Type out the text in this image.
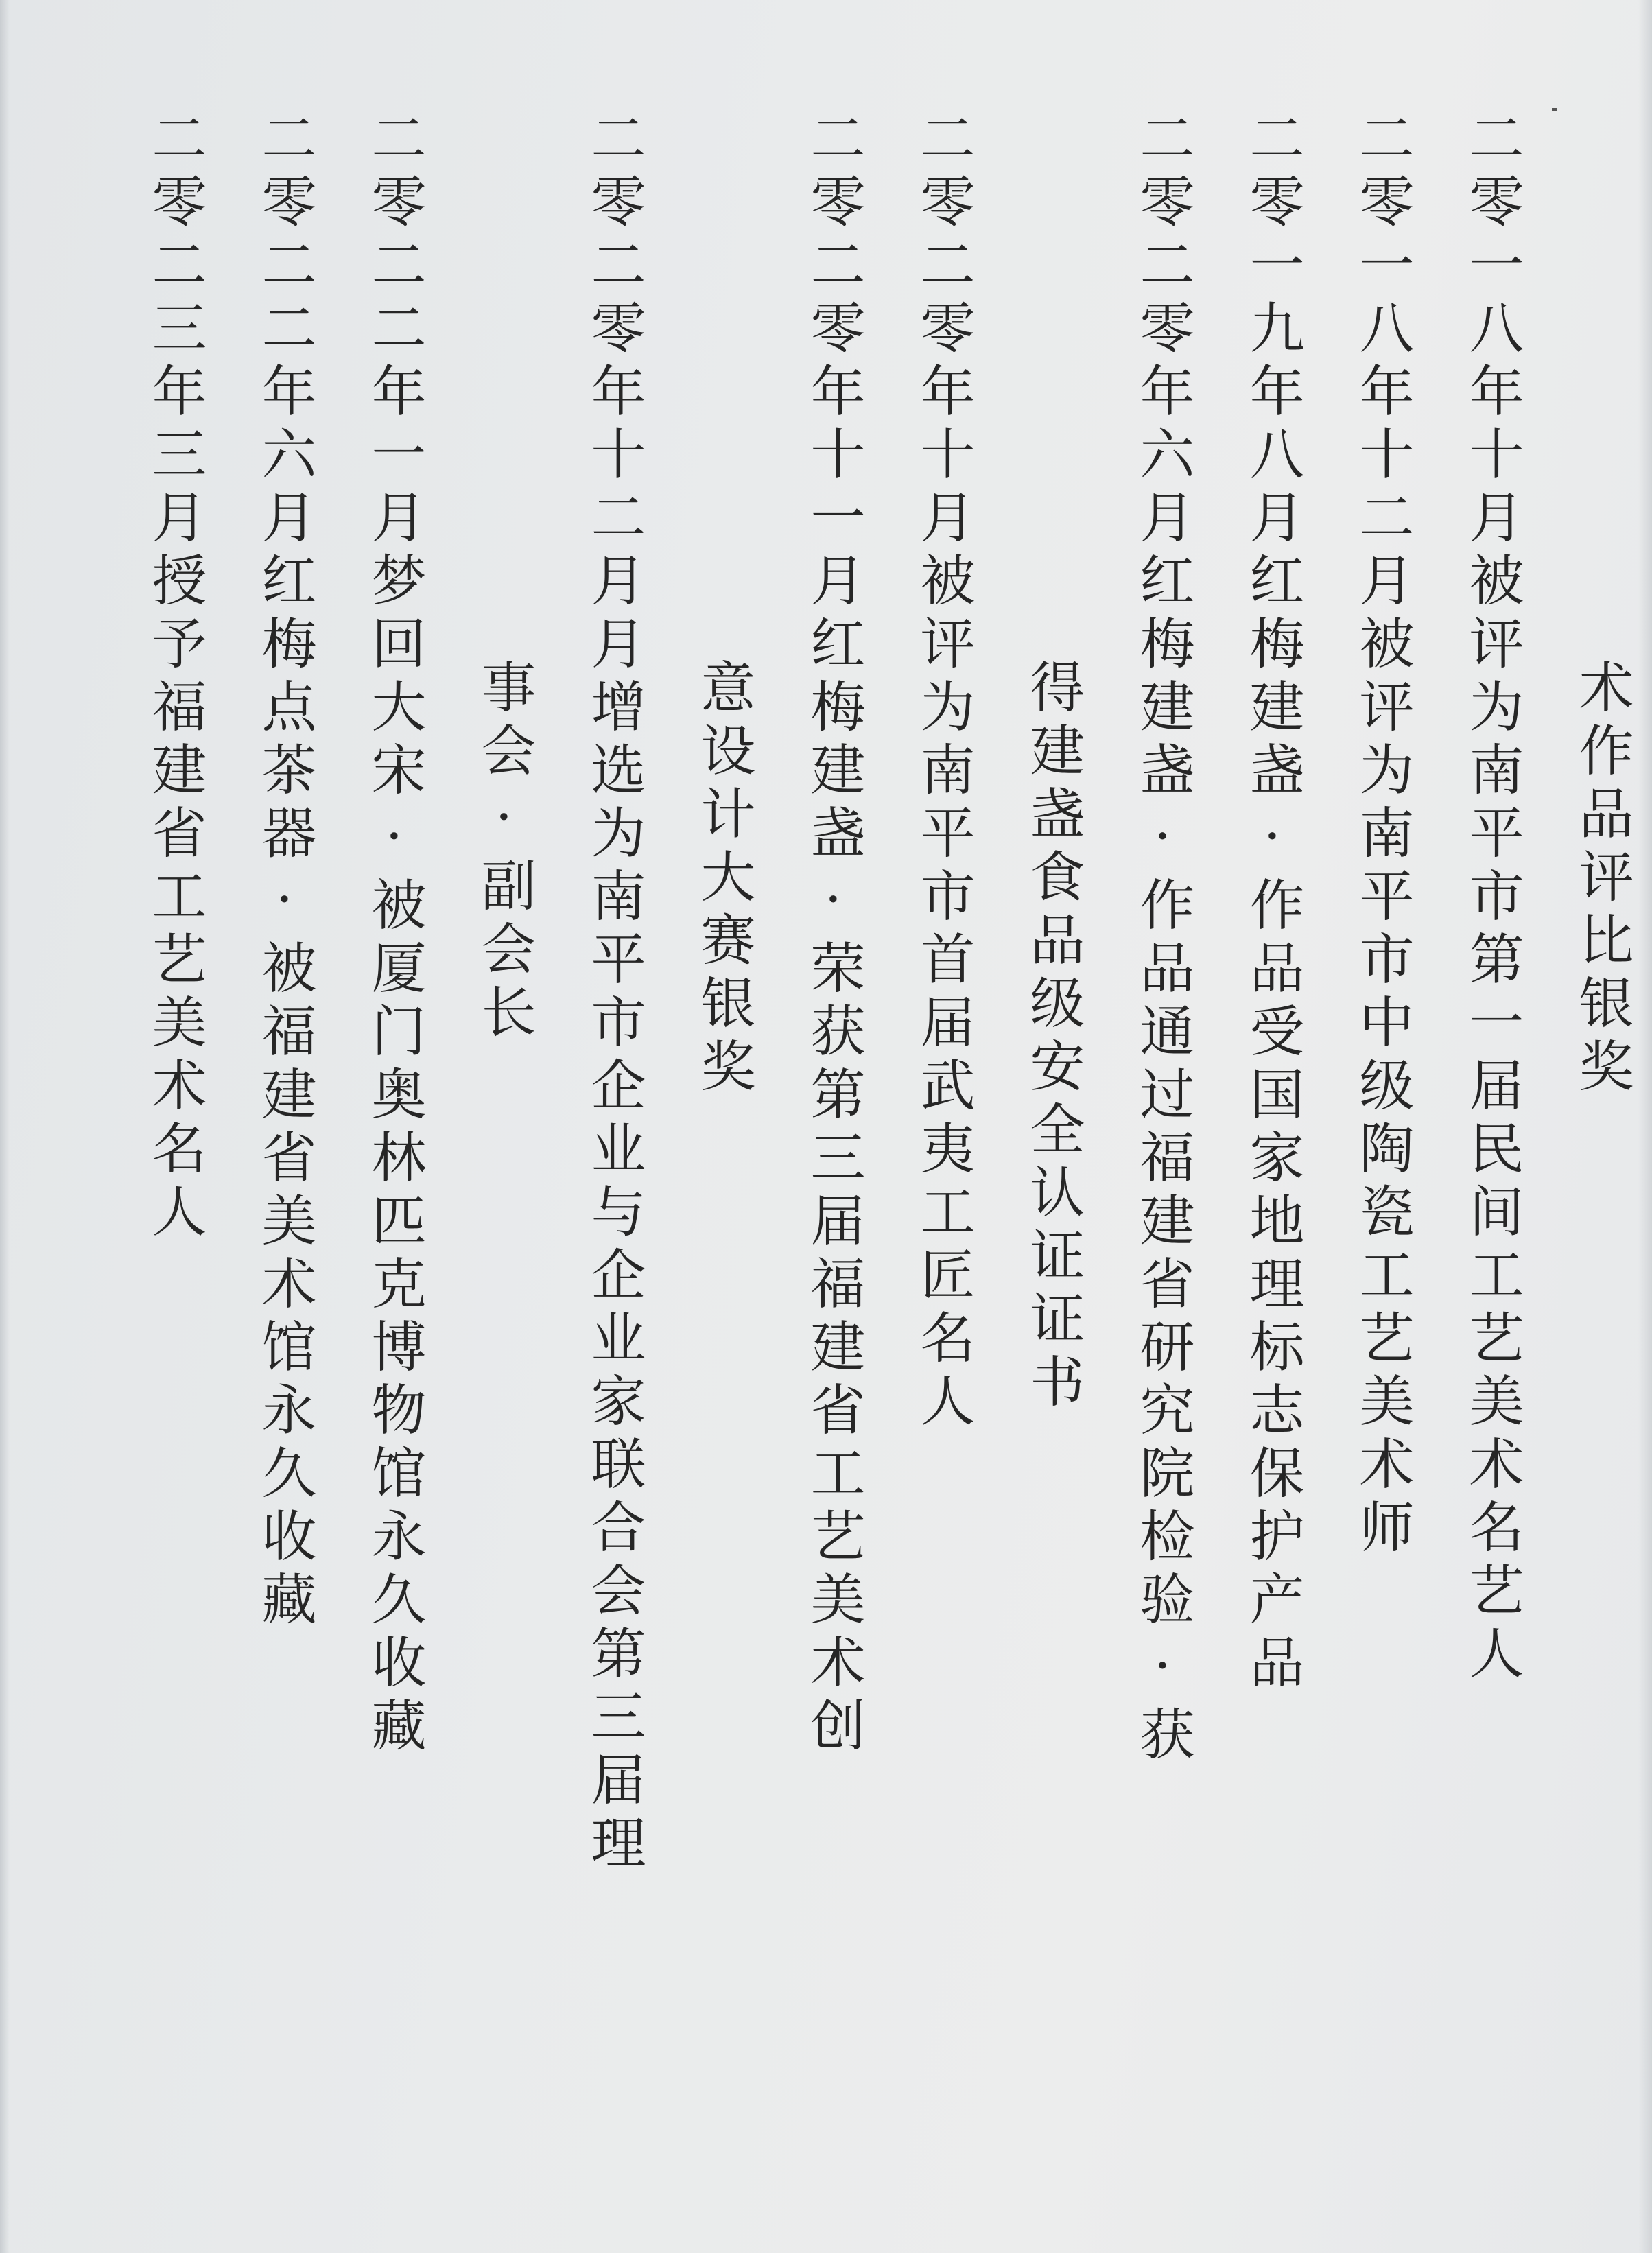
术作品评比银奖
二零一八年十月被评为南平市第一届民间工艺美术名艺人
二零一八年十二月被评为南平市中级陶瓷工艺美术师
二零一九年八月红梅建盏·作品受国家地理标志保护产品
二零二零年六月红梅建盏·作品通过福建省研究院检验·获
得建盏食品级安全认证证书
二零二零年十月被评为南平市首届武夷工匠名人
二零二零年十一月红梅建盏·荣获第三届福建省工艺美术创
意设计大赛银奖
二零二零年十二月月增选为南平市企业与企业家联合会第三届理
事会·副会长
二零二二年一月梦回大宋·被厦门奥林匹克博物馆永久收藏
二零二二年六月红梅点茶器·被福建省美术馆永久收藏
二零二三年三月授予福建省工艺美术名人
